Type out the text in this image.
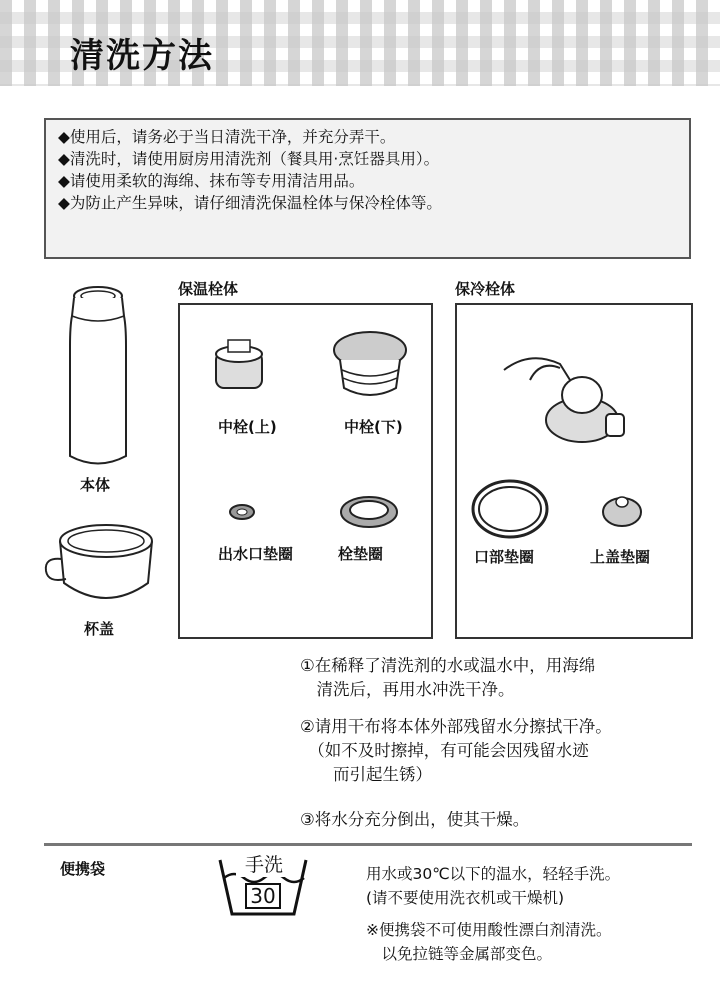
清洗方法
◆使用后，请务必于当日清洗干净，并充分弄干。
◆清洗时，请使用厨房用清洗剂（餐具用·烹饪器具用）。
◆请使用柔软的海绵、抹布等专用清洁用品。
◆为防止产生异味，请仔细清洗保温栓体与保冷栓体等。
本体
杯盖
保温栓体
中栓(上)	中栓(下)
出水口垫圈	栓垫圈
保冷栓体
口部垫圈	上盖垫圈
①在稀释了清洗剂的水或温水中，用海绵
　清洗后，再用水冲洗干净。
②请用干布将本体外部残留水分擦拭干净。
　（如不及时擦掉，有可能会因残留水迹
　　而引起生锈）
③将水分充分倒出，使其干燥。
便携袋	手洗
30
用水或30℃以下的温水，轻轻手洗。
(请不要使用洗衣机或干燥机)
※便携袋不可使用酸性漂白剂清洗。
　以免拉链等金属部变色。
